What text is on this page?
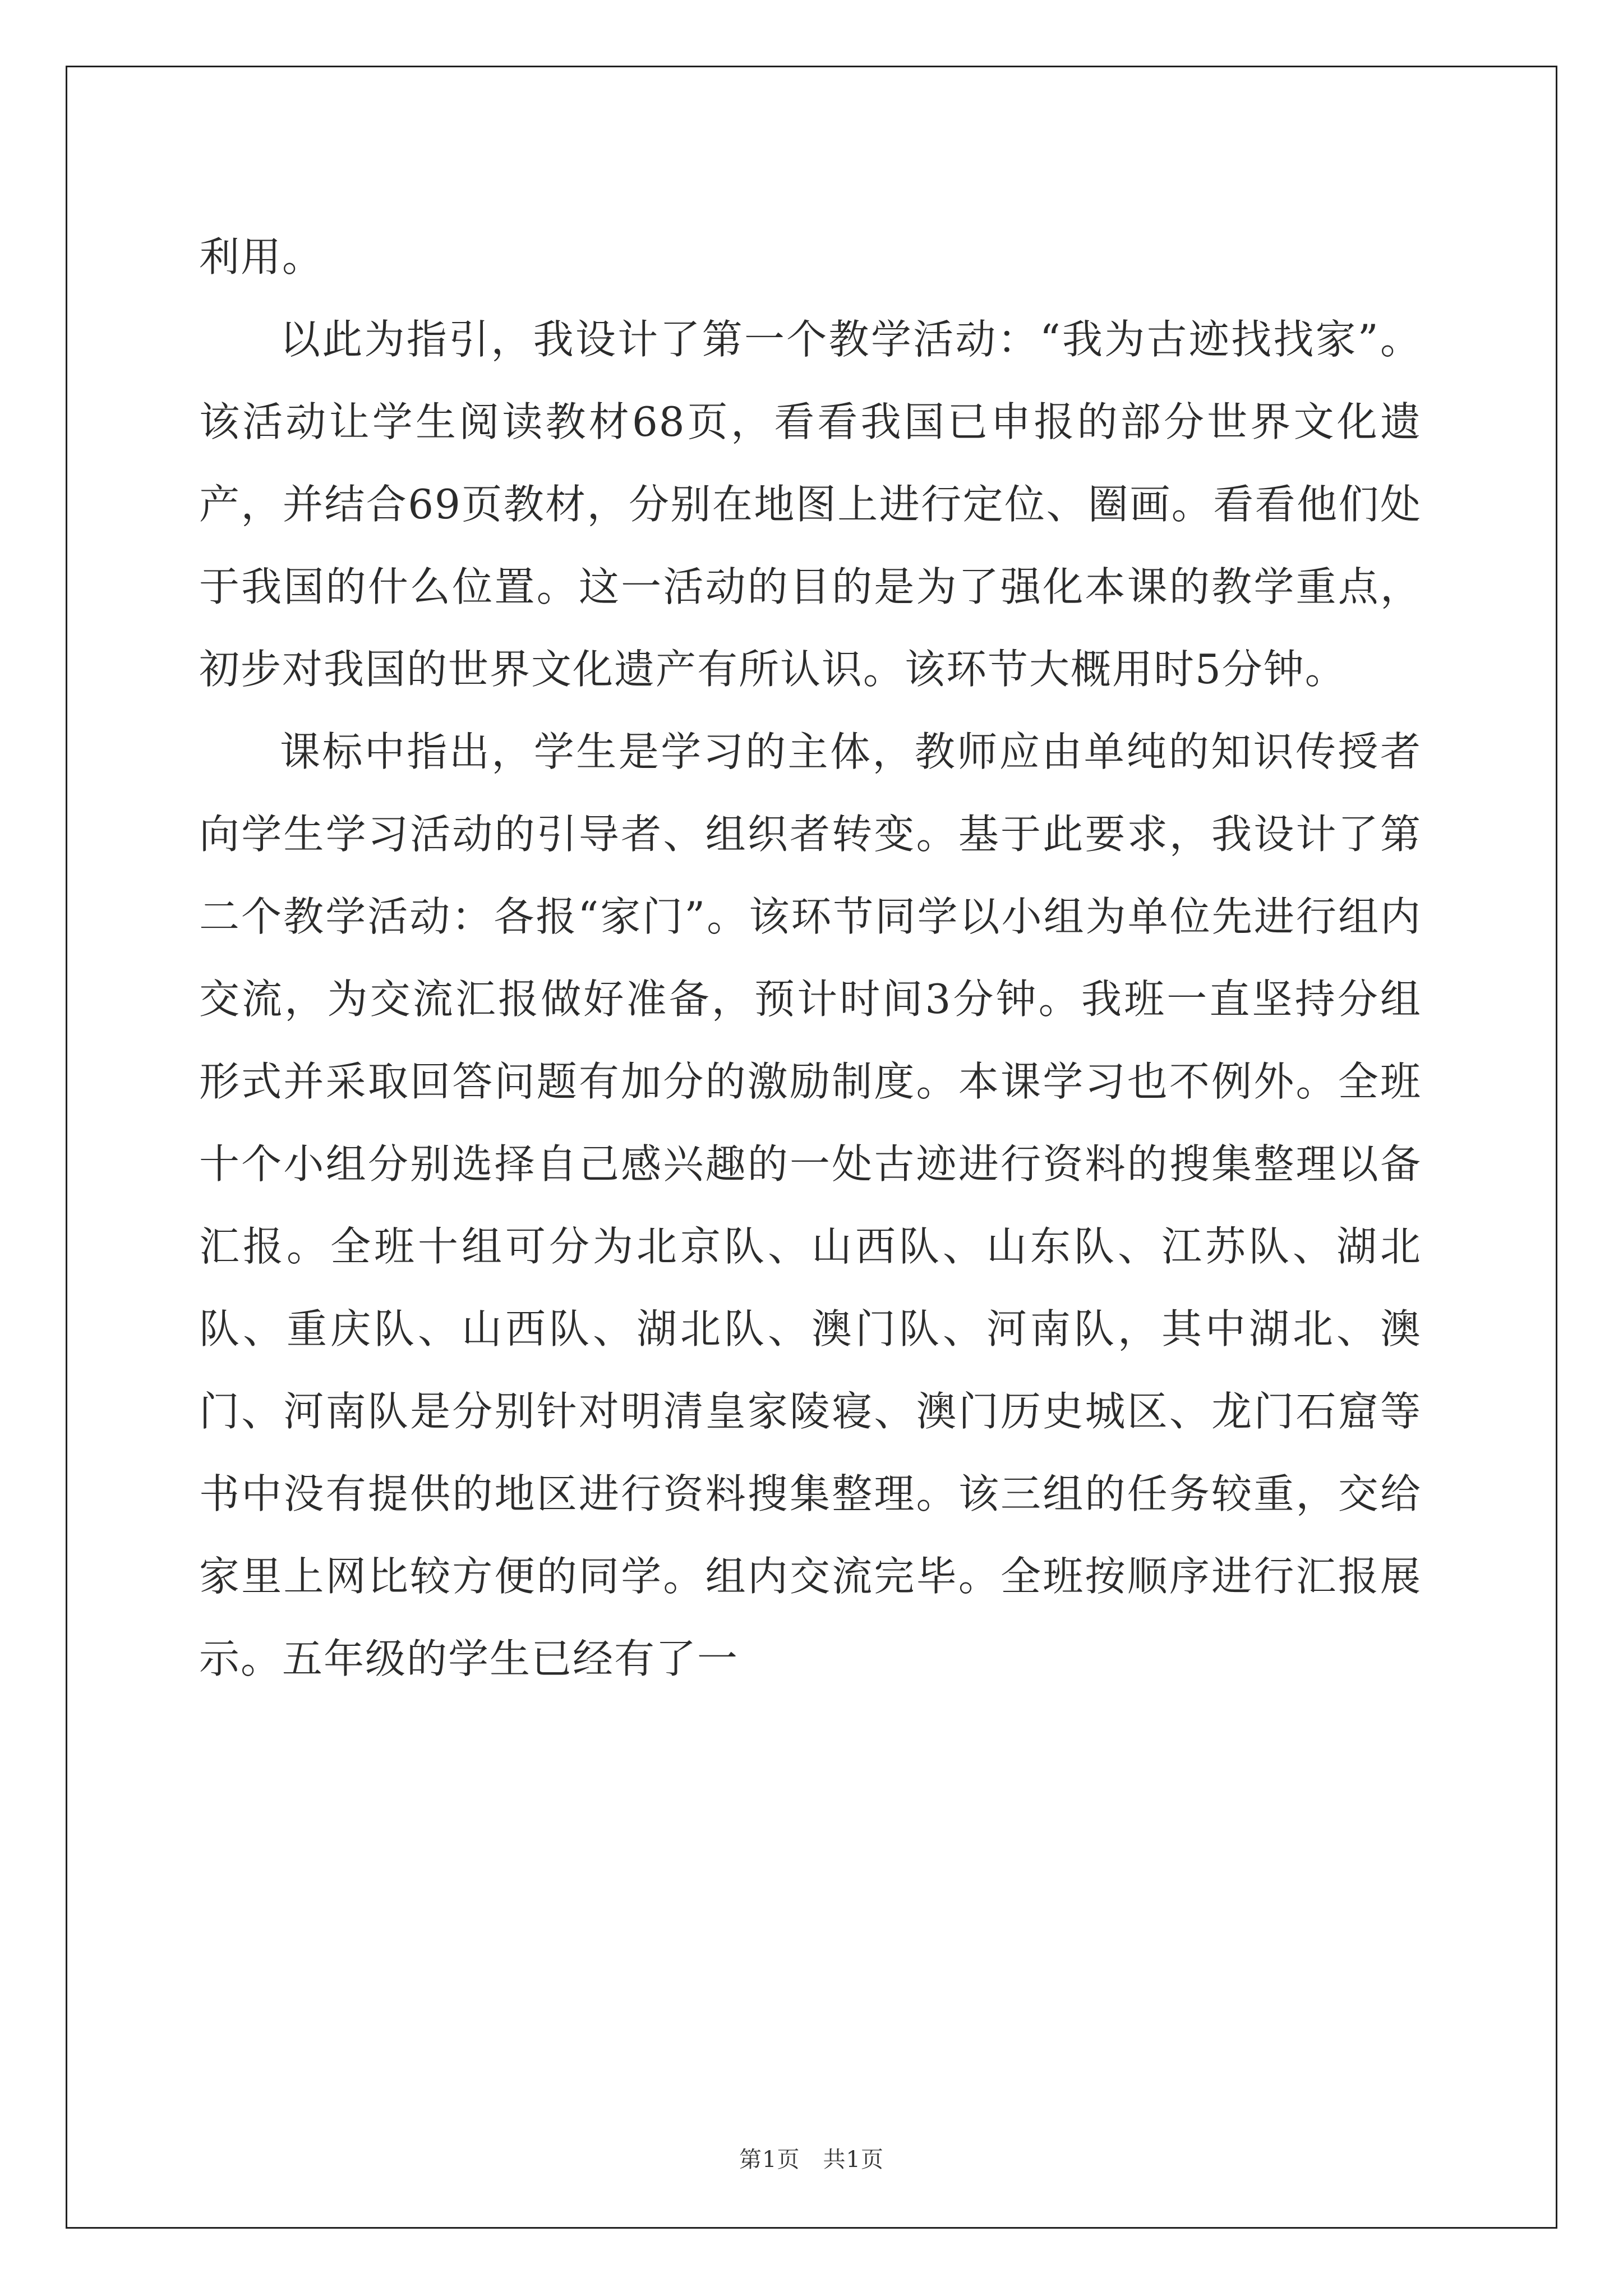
利用。

以此为指引，我设计了第一个教学活动：“我为古迹找找家”。该活动让学生阅读教材68页，看看我国已申报的部分世界文化遗产，并结合69页教材，分别在地图上进行定位、圈画。看看他们处于我国的什么位置。这一活动的目的是为了强化本课的教学重点，初步对我国的世界文化遗产有所认识。该环节大概用时5分钟。

课标中指出，学生是学习的主体，教师应由单纯的知识传授者向学生学习活动的引导者、组织者转变。基于此要求，我设计了第二个教学活动：各报“家门”。该环节同学以小组为单位先进行组内交流，为交流汇报做好准备，预计时间3分钟。我班一直坚持分组形式并采取回答问题有加分的激励制度。本课学习也不例外。全班十个小组分别选择自己感兴趣的一处古迹进行资料的搜集整理以备汇报。全班十组可分为北京队、山西队、山东队、江苏队、湖北队、重庆队、山西队、湖北队、澳门队、河南队，其中湖北、澳门、河南队是分别针对明清皇家陵寝、澳门历史城区、龙门石窟等书中没有提供的地区进行资料搜集整理。该三组的任务较重，交给家里上网比较方便的同学。组内交流完毕。全班按顺序进行汇报展示。五年级的学生已经有了一

第1页　共1页
